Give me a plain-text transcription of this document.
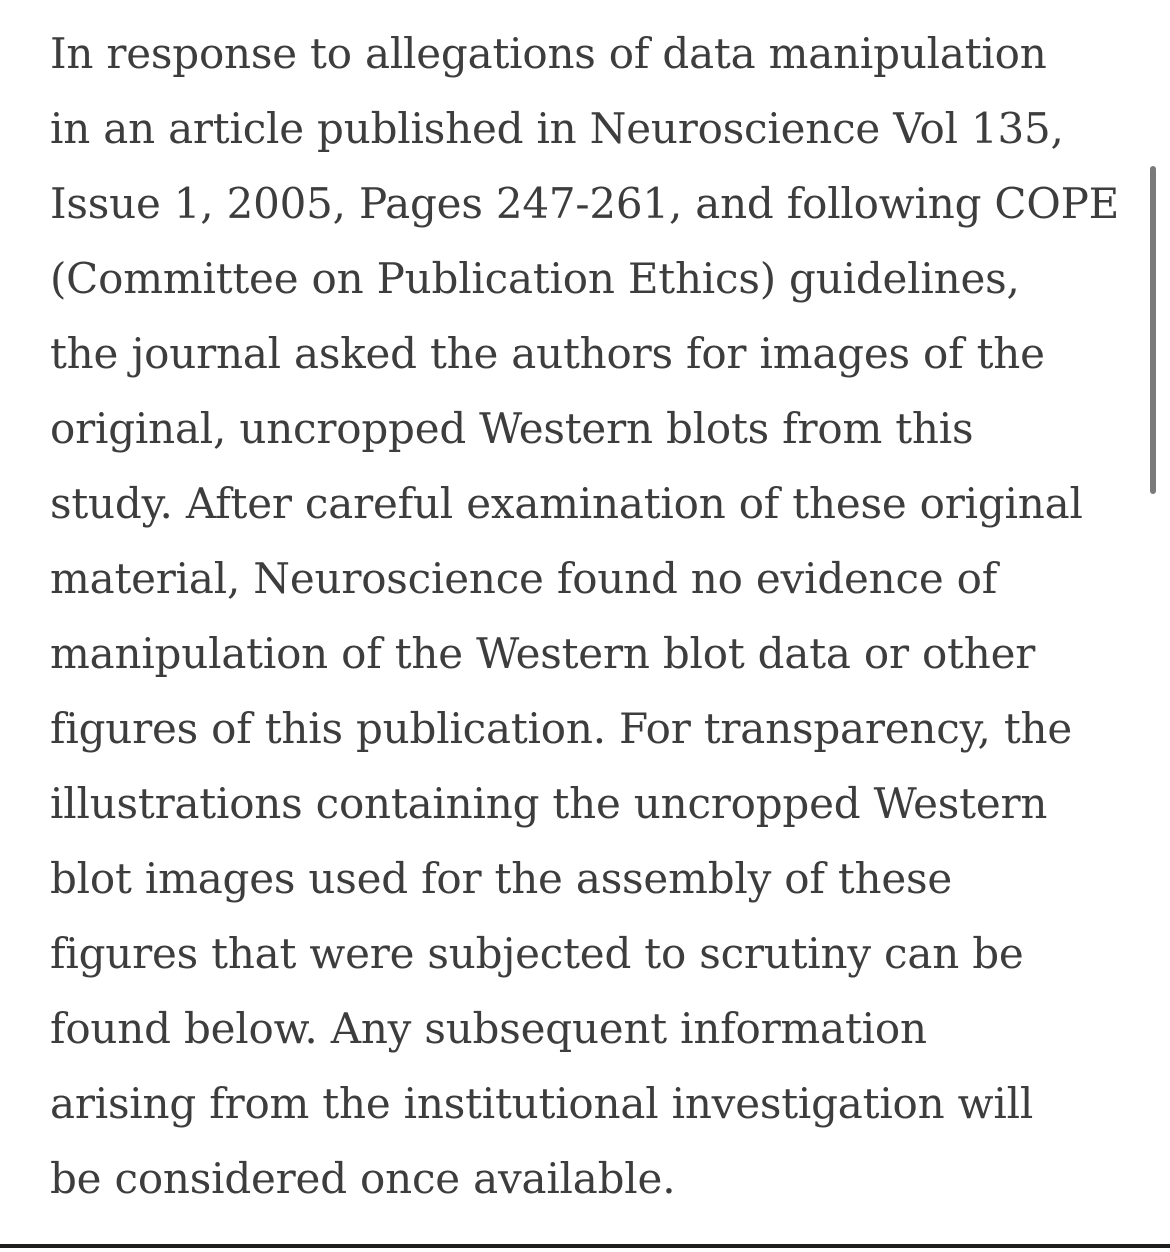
In response to allegations of data manipulation
in an article published in Neuroscience Vol 135,
Issue 1, 2005, Pages 247-261, and following COPE
(Committee on Publication Ethics) guidelines,
the journal asked the authors for images of the
original, uncropped Western blots from this
study. After careful examination of these original
material, Neuroscience found no evidence of
manipulation of the Western blot data or other
figures of this publication. For transparency, the
illustrations containing the uncropped Western
blot images used for the assembly of these
figures that were subjected to scrutiny can be
found below. Any subsequent information
arising from the institutional investigation will
be considered once available.
